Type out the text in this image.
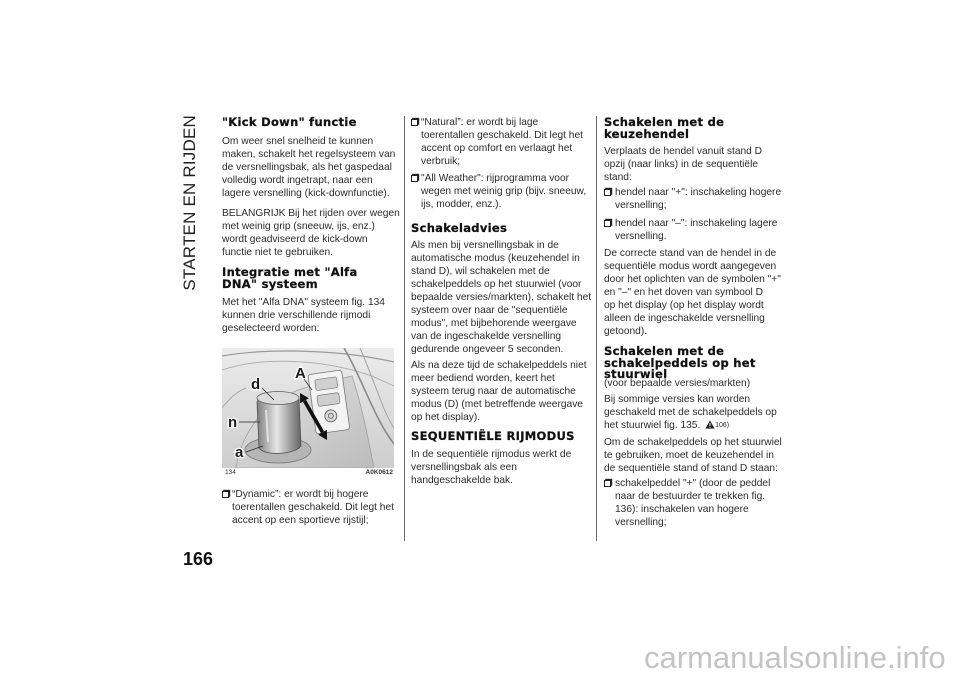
STARTEN EN RIJDEN
166
"Kick Down" functie
Om weer snel snelheid te kunnen
maken, schakelt het regelsysteem van
de versnellingsbak, als het gaspedaal
volledig wordt ingetrapt, naar een
lagere versnelling (kick-downfunctie).
BELANGRIJK Bij het rijden over wegen
met weinig grip (sneeuw, ijs, enz.)
wordt geadviseerd de kick-down
functie niet te gebruiken.
Integratie met "Alfa
DNA" systeem
Met het "Alfa DNA" systeem fig. 134
kunnen drie verschillende rijmodi
geselecteerd worden:
d
A
n
a
134	A0K0612
“Dynamic”: er wordt bij hogere
toerentallen geschakeld. Dit legt het
accent op een sportieve rijstijl;
“Natural”: er wordt bij lage
toerentallen geschakeld. Dit legt het
accent op comfort en verlaagt het
verbruik;
"All Weather": rijprogramma voor
wegen met weinig grip (bijv. sneeuw,
ijs, modder, enz.).
Schakeladvies
Als men bij versnellingsbak in de
automatische modus (keuzehendel in
stand D), wil schakelen met de
schakelpeddels op het stuurwiel (voor
bepaalde versies/markten), schakelt het
systeem over naar de "sequentiële
modus", met bijbehorende weergave
van de ingeschakelde versnelling
gedurende ongeveer 5 seconden.
Als na deze tijd de schakelpeddels niet
meer bediend worden, keert het
systeem terug naar de automatische
modus (D) (met betreffende weergave
op het display).
SEQUENTIËLE RIJMODUS
In de sequentiële rijmodus werkt de
versnellingsbak als een
handgeschakelde bak.
Schakelen met de
keuzehendel
Verplaats de hendel vanuit stand D
opzij (naar links) in de sequentiële
stand:
hendel naar "+": inschakeling hogere
versnelling;
hendel naar "–": inschakeling lagere
versnelling.
De correcte stand van de hendel in de
sequentiële modus wordt aangegeven
door het oplichten van de symbolen "+"
en "–" en het doven van symbool D
op het display (op het display wordt
alleen de ingeschakelde versnelling
getoond).
Schakelen met de
schakelpeddels op het
stuurwiel
(voor bepaalde versies/markten)
Bij sommige versies kan worden
geschakeld met de schakelpeddels op
het stuurwiel fig. 135. 106)
Om de schakelpeddels op het stuurwiel
te gebruiken, moet de keuzehendel in
de sequentiële stand of stand D staan:
schakelpeddel "+" (door de peddel
naar de bestuurder te trekken fig.
136): inschakelen van hogere
versnelling;
carmanualsonline.info
